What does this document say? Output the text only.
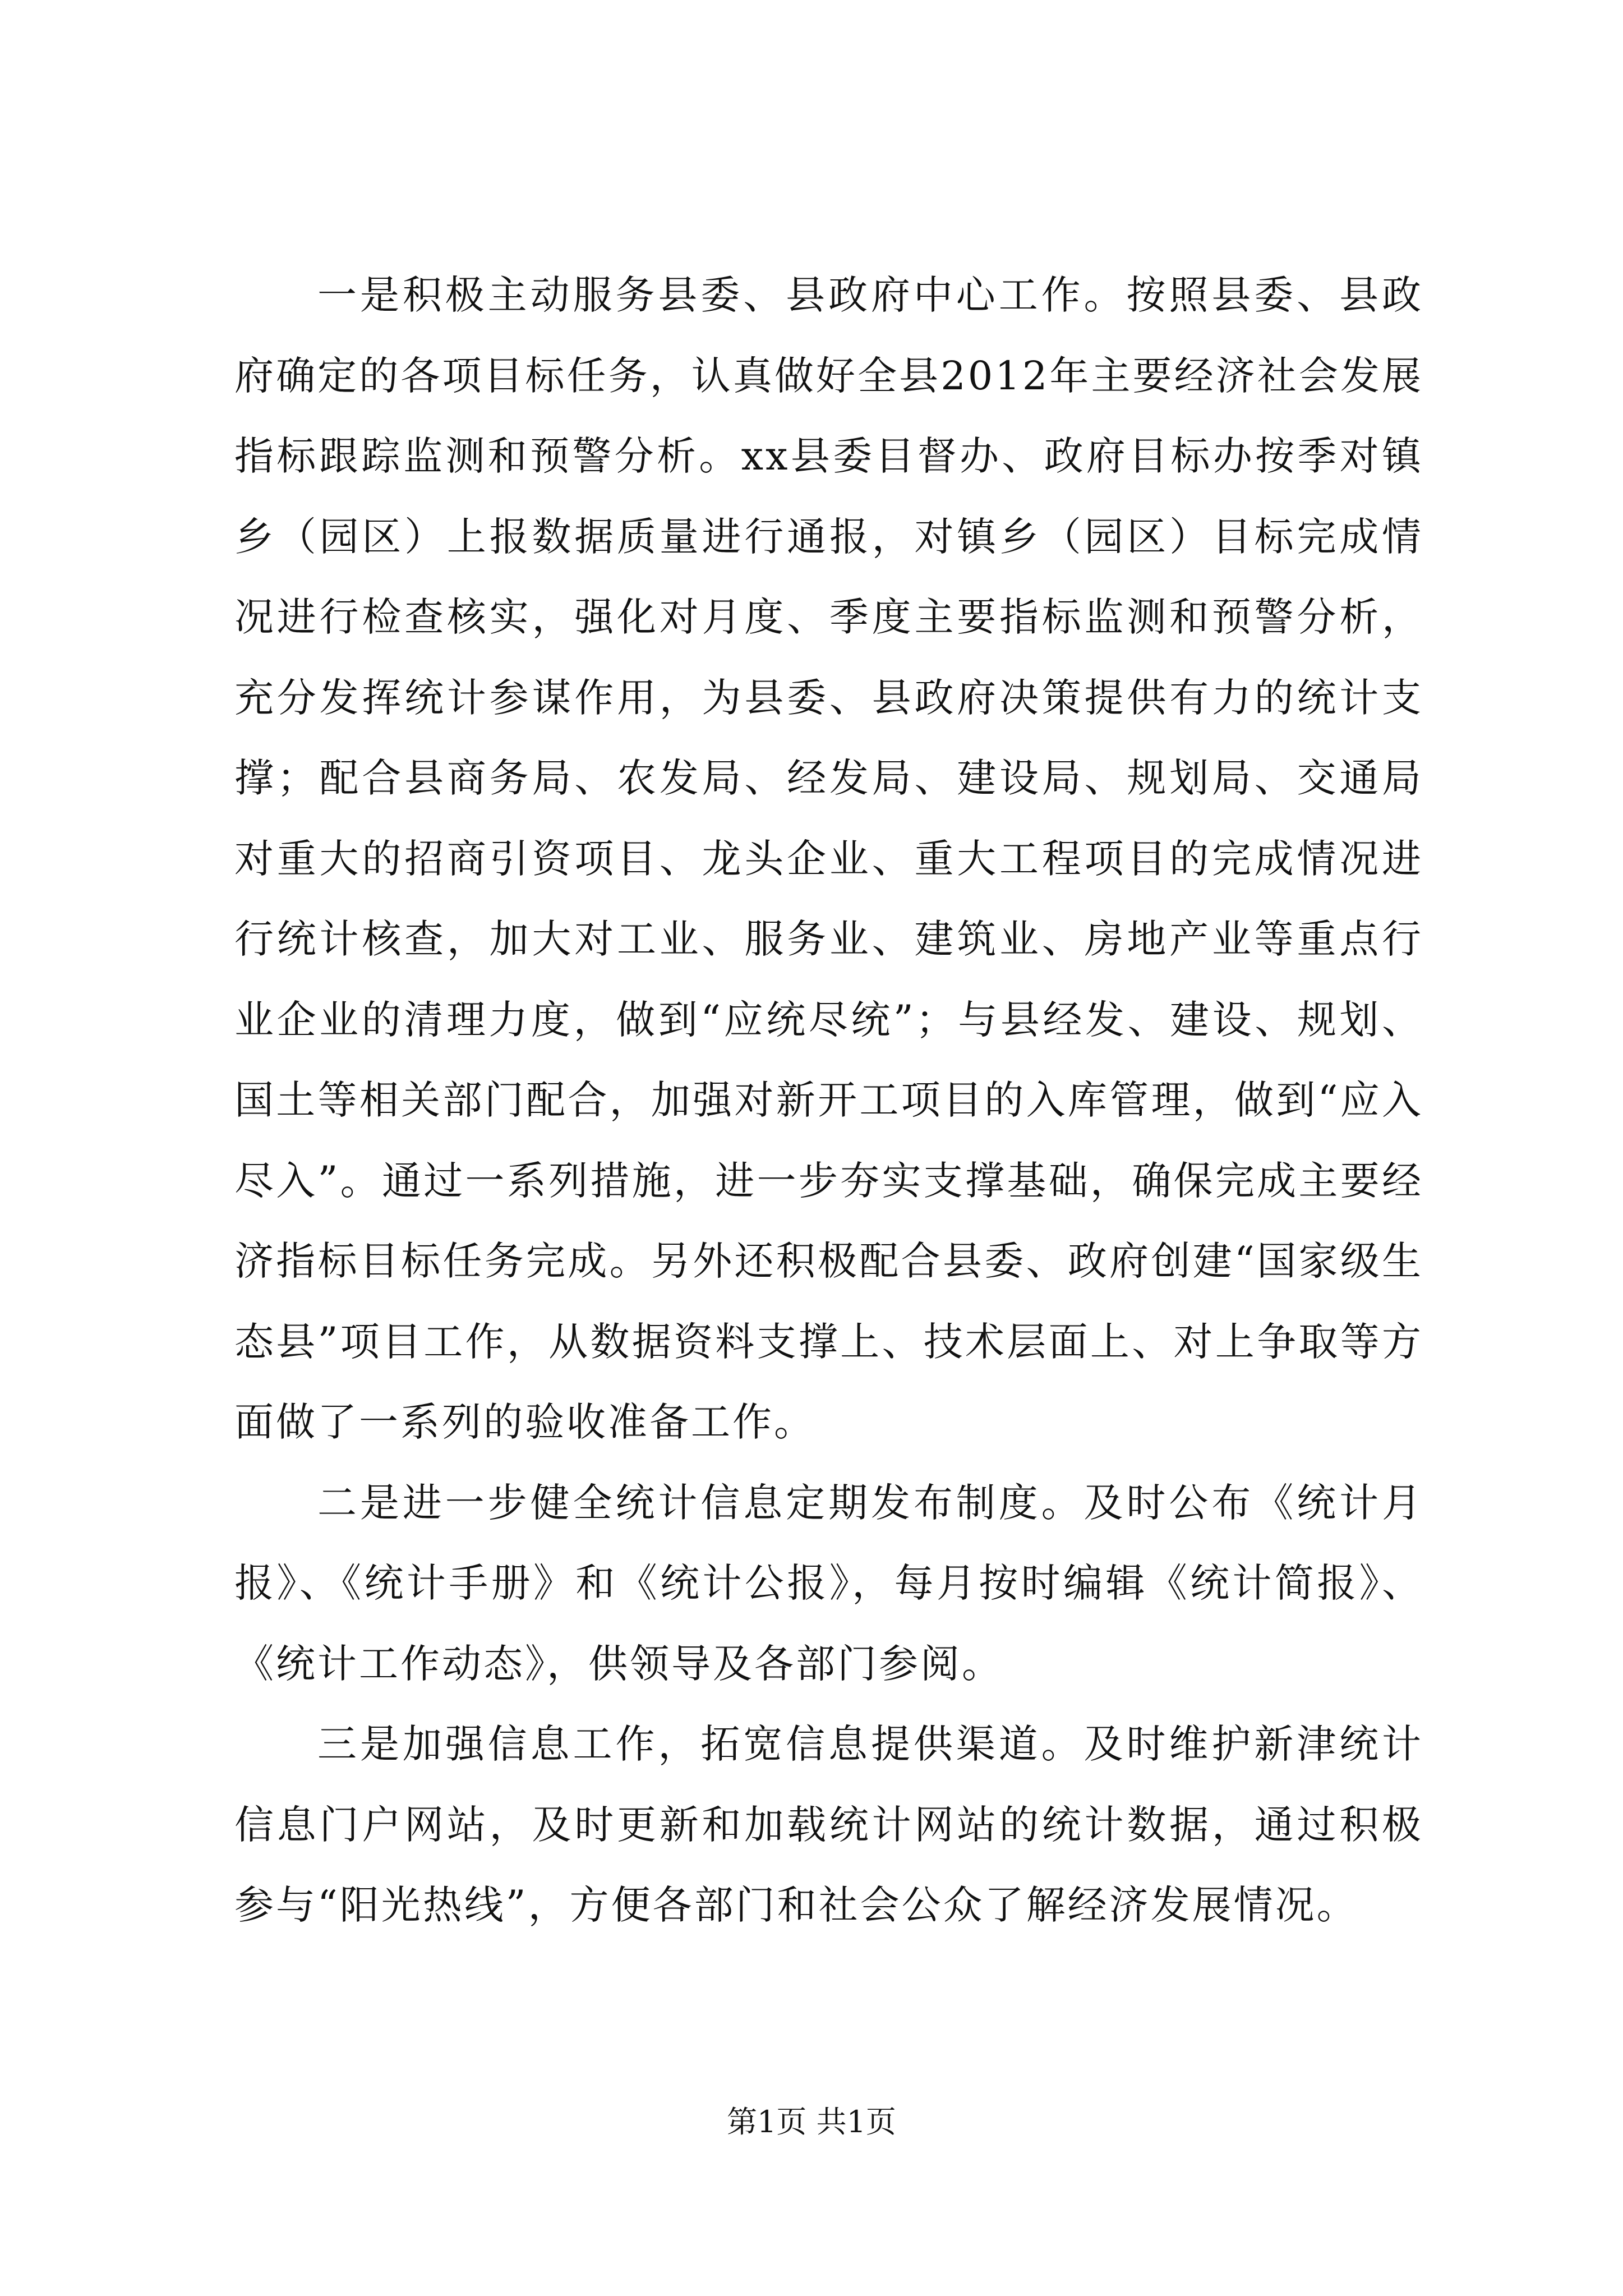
一是积极主动服务县委、县政府中心工作。按照县委、县政府确定的各项目标任务，认真做好全县2012年主要经济社会发展指标跟踪监测和预警分析。xx县委目督办、政府目标办按季对镇乡（园区）上报数据质量进行通报，对镇乡（园区）目标完成情况进行检查核实，强化对月度、季度主要指标监测和预警分析，充分发挥统计参谋作用，为县委、县政府决策提供有力的统计支撑；配合县商务局、农发局、经发局、建设局、规划局、交通局对重大的招商引资项目、龙头企业、重大工程项目的完成情况进行统计核查，加大对工业、服务业、建筑业、房地产业等重点行业企业的清理力度，做到“应统尽统”；与县经发、建设、规划、国土等相关部门配合，加强对新开工项目的入库管理，做到“应入尽入”。通过一系列措施，进一步夯实支撑基础，确保完成主要经济指标目标任务完成。另外还积极配合县委、政府创建“国家级生态县”项目工作，从数据资料支撑上、技术层面上、对上争取等方面做了一系列的验收准备工作。

二是进一步健全统计信息定期发布制度。及时公布《统计月报》、《统计手册》和《统计公报》，每月按时编辑《统计简报》、《统计工作动态》，供领导及各部门参阅。

三是加强信息工作，拓宽信息提供渠道。及时维护新津统计信息门户网站，及时更新和加载统计网站的统计数据，通过积极参与“阳光热线”，方便各部门和社会公众了解经济发展情况。

第1页 共1页
